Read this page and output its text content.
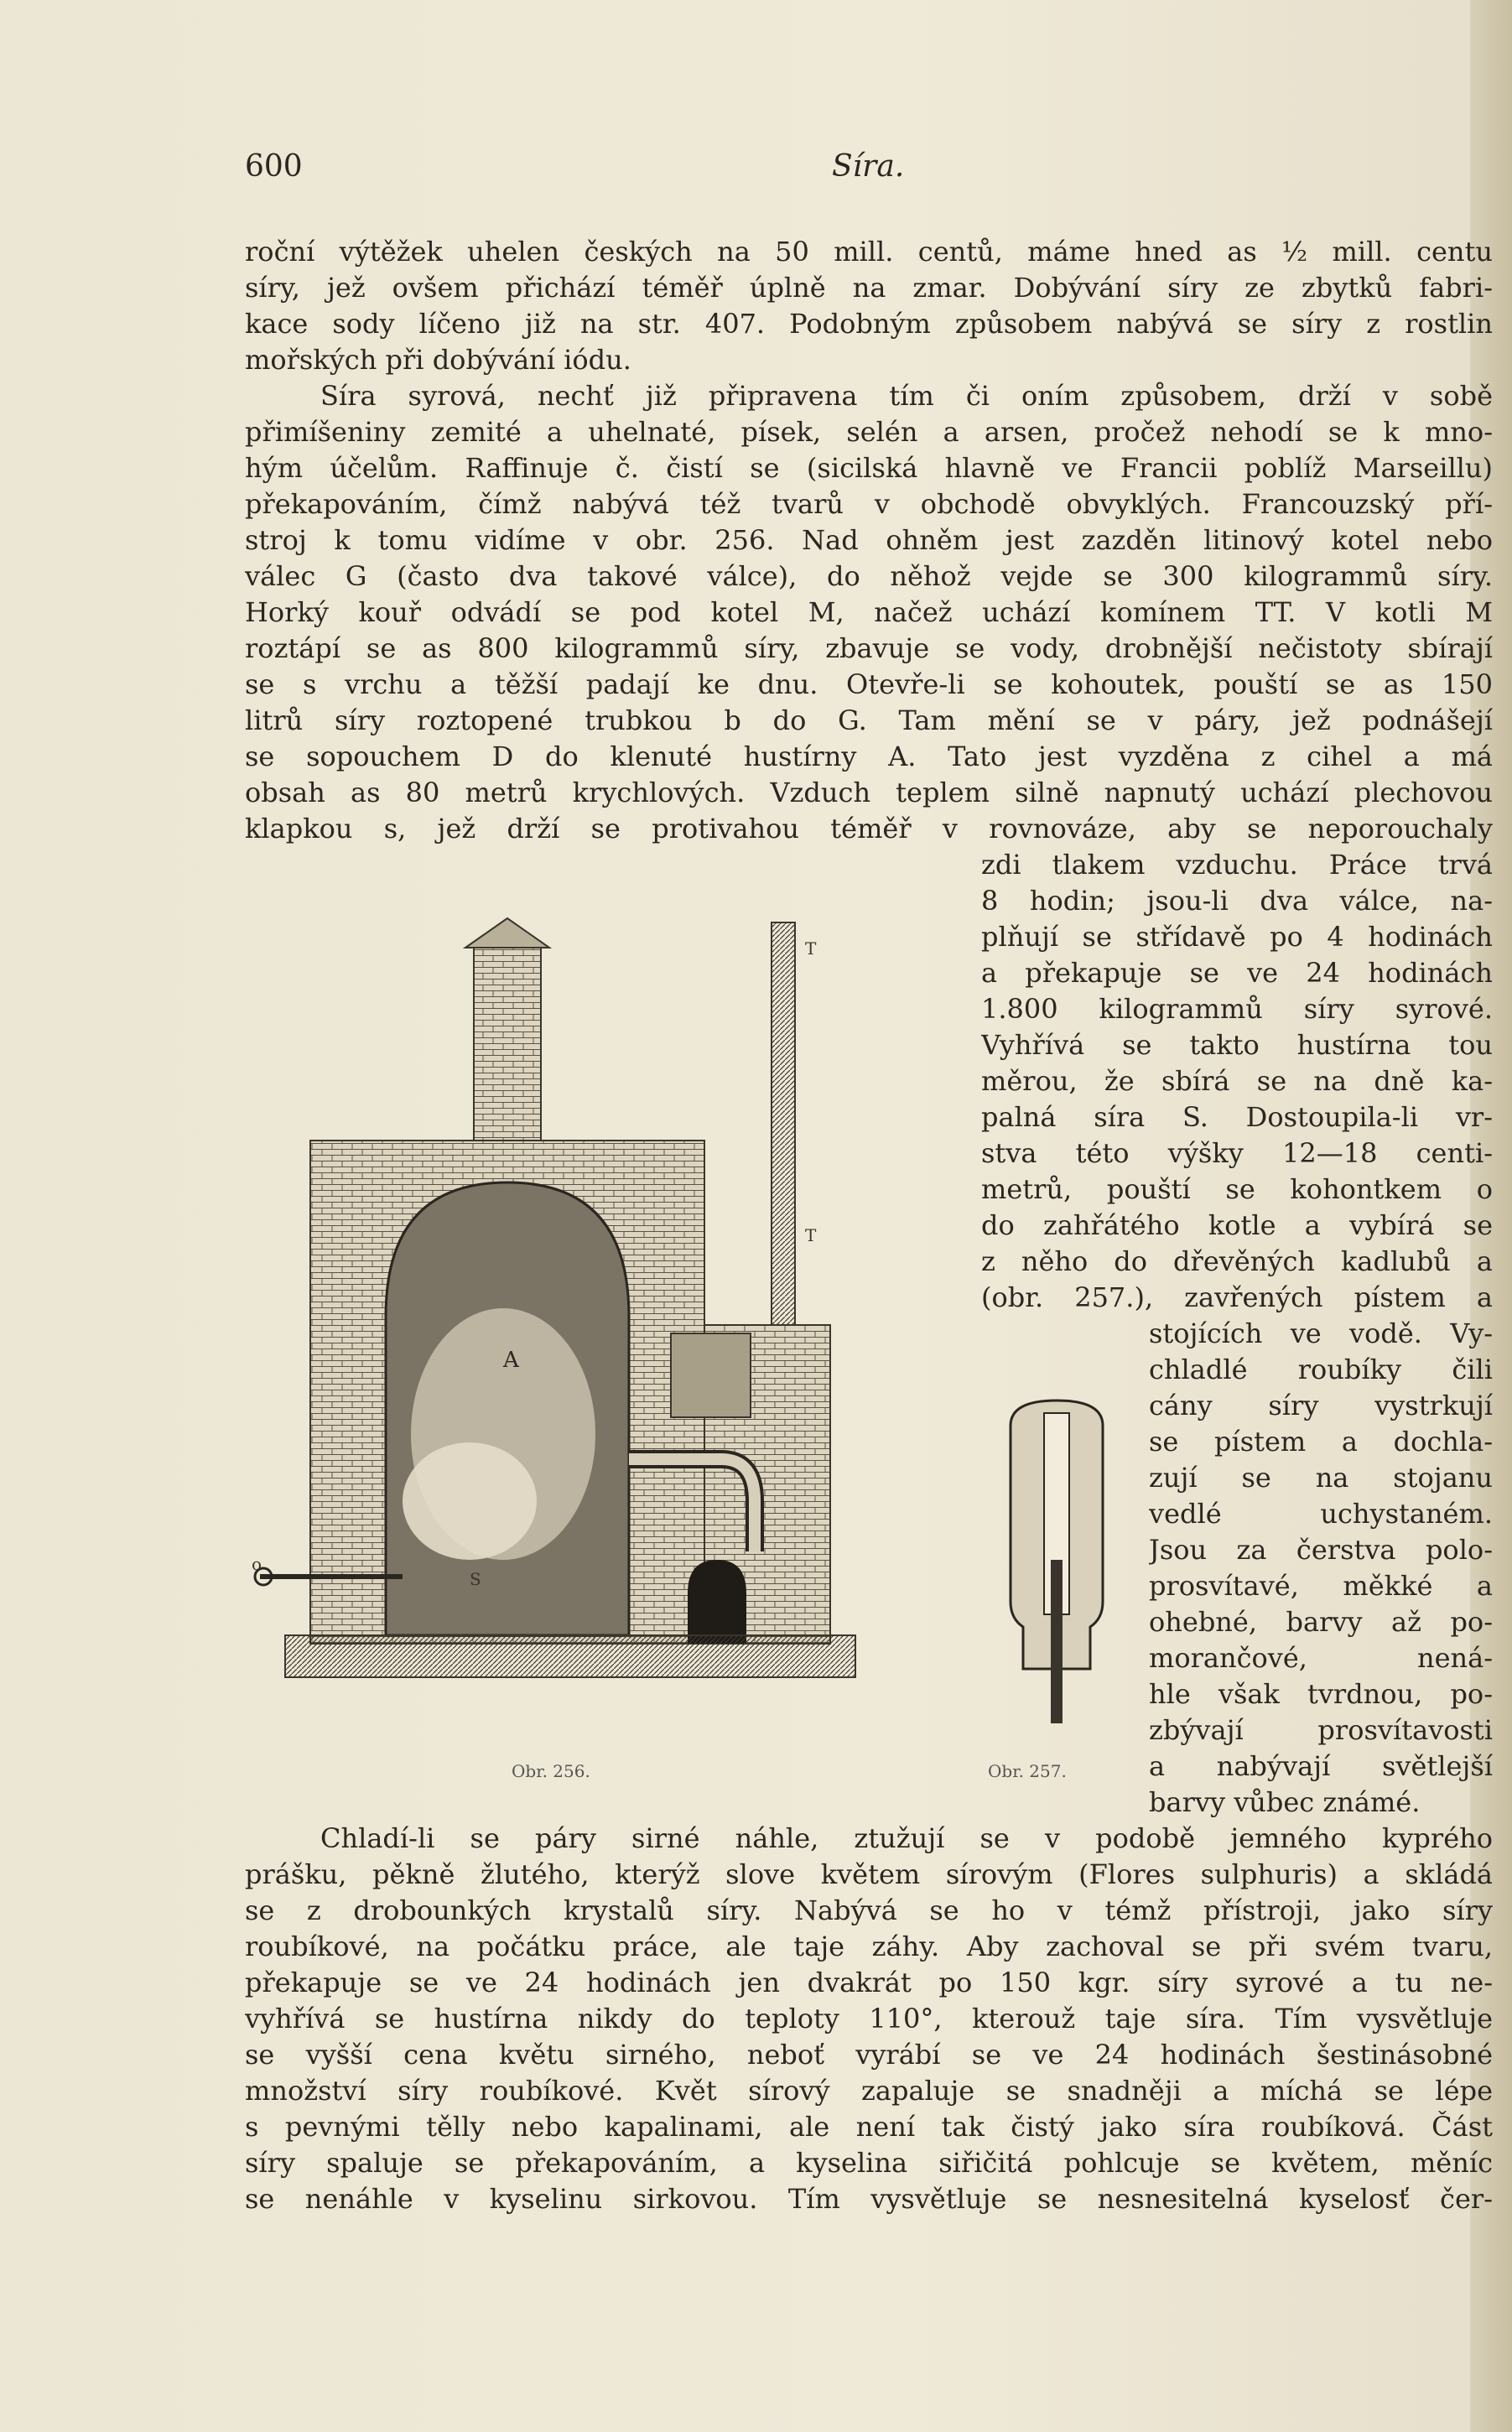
600	Síra.
roční výtěžek uhelen českých na 50 mill. centů, máme hned as ½ mill. centu
síry, jež ovšem přichází téměř úplně na zmar. Dobývání síry ze zbytků fabri-
kace sody líčeno již na str. 407. Podobným způsobem nabývá se síry z rostlin
mořských při dobývání iódu.
Síra syrová, nechť již připravena tím či oním způsobem, drží v sobě
přimíšeniny zemité a uhelnaté, písek, selén a arsen, pročež nehodí se k mno-
hým účelům. Raffinuje č. čistí se (sicilská hlavně ve Francii poblíž Marseillu)
překapováním, čímž nabývá též tvarů v obchodě obvyklých. Francouzský pří-
stroj k tomu vidíme v obr. 256. Nad ohněm jest zazděn litinový kotel nebo
válec G (často dva takové válce), do něhož vejde se 300 kilogrammů síry.
Horký kouř odvádí se pod kotel M, načež uchází komínem TT. V kotli M
roztápí se as 800 kilogrammů síry, zbavuje se vody, drobnější nečistoty sbírají
se s vrchu a těžší padají ke dnu. Otevře-li se kohoutek, pouští se as 150
litrů síry roztopené trubkou b do G. Tam mění se v páry, jež podnášejí
se sopouchem D do klenuté hustírny A. Tato jest vyzděna z cihel a má
obsah as 80 metrů krychlových. Vzduch teplem silně napnutý uchází plechovou
klapkou s, jež drží se protivahou téměř v rovnováze, aby se neporouchaly
zdi tlakem vzduchu. Práce trvá
8 hodin; jsou-li dva válce, na-
plňují se střídavě po 4 hodinách
a překapuje se ve 24 hodinách
1.800 kilogrammů síry syrové.
Vyhřívá se takto hustírna tou
měrou, že sbírá se na dně ka-
palná síra S. Dostoupila-li vr-
stva této výšky 12—18 centi-
metrů, pouští se kohontkem o
do zahřátého kotle a vybírá se
z něho do dřevěných kadlubů a
(obr. 257.), zavřených pístem a
stojících ve vodě. Vy-
chladlé roubíky čili
cány síry vystrkují
se pístem a dochla-
zují se na stojanu
vedlé uchystaném.
Jsou za čerstva polo-
prosvítavé, měkké a
ohebné, barvy až po-
morančové, nená-
hle však tvrdnou, po-
zbývají prosvítavosti
a nabývají světlejší
barvy vůbec známé.
T
T
A
o
S
Obr. 256.	Obr. 257.
Chladí-li se páry sirné náhle, ztužují se v podobě jemného kyprého
prášku, pěkně žlutého, kterýž slove květem sírovým (Flores sulphuris) a skládá
se z drobounkých krystalů síry. Nabývá se ho v témž přístroji, jako síry
roubíkové, na počátku práce, ale taje záhy. Aby zachoval se při svém tvaru,
překapuje se ve 24 hodinách jen dvakrát po 150 kgr. síry syrové a tu ne-
vyhřívá se hustírna nikdy do teploty 110°, kterouž taje síra. Tím vysvětluje
se vyšší cena květu sirného, neboť vyrábí se ve 24 hodinách šestinásobné
množství síry roubíkové. Květ sírový zapaluje se snadněji a míchá se lépe
s pevnými tělly nebo kapalinami, ale není tak čistý jako síra roubíková. Část
síry spaluje se překapováním, a kyselina siřičitá pohlcuje se květem, měníc
se nenáhle v kyselinu sirkovou. Tím vysvětluje se nesnesitelná kyselosť čer-
